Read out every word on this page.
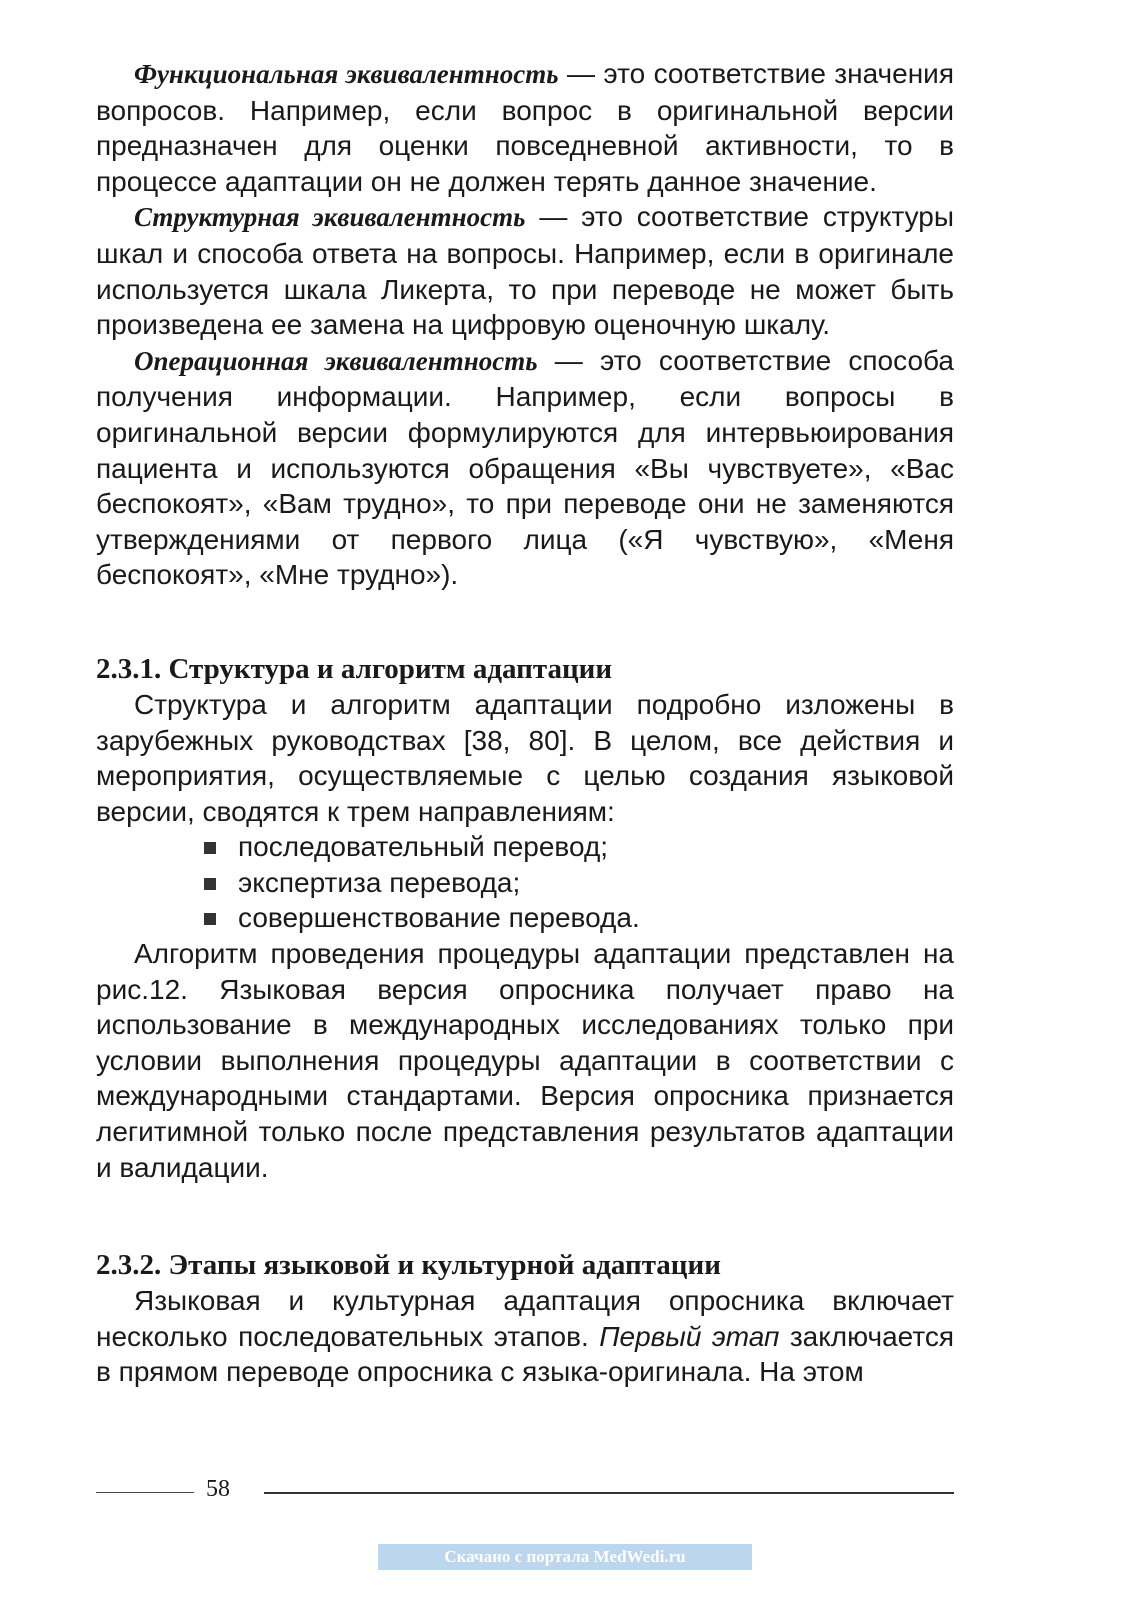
Функциональная эквивалентность — это соответствие значения вопросов. Например, если вопрос в оригинальной версии предназначен для оценки повседневной активности, то в процессе адаптации он не должен терять данное значение.

Структурная эквивалентность — это соответствие структуры шкал и способа ответа на вопросы. Например, если в оригинале используется шкала Ликерта, то при переводе не может быть произведена ее замена на цифровую оценочную шкалу.

Операционная эквивалентность — это соответствие способа получения информации. Например, если вопросы в оригинальной версии формулируются для интервьюирования пациента и используются обращения «Вы чувствуете», «Вас беспокоят», «Вам трудно», то при переводе они не заменяются утверждениями от первого лица («Я чувствую», «Меня беспокоят», «Мне трудно»).

2.3.1. Структура и алгоритм адаптации

Структура и алгоритм адаптации подробно изложены в зарубежных руководствах [38, 80]. В целом, все действия и мероприятия, осуществляемые с целью создания языковой версии, сводятся к трем направлениям:

последовательный перевод;
экспертиза перевода;
совершенствование перевода.

Алгоритм проведения процедуры адаптации представлен на рис.12. Языковая версия опросника получает право на использование в международных исследованиях только при условии выполнения процедуры адаптации в соответствии с международными стандартами. Версия опросника признается легитимной только после представления результатов адаптации и валидации.

2.3.2. Этапы языковой и культурной адаптации

Языковая и культурная адаптация опросника включает несколько последовательных этапов. Первый этап заключается в прямом переводе опросника с языка-оригинала. На этом

58
Скачано с портала MedWedi.ru
